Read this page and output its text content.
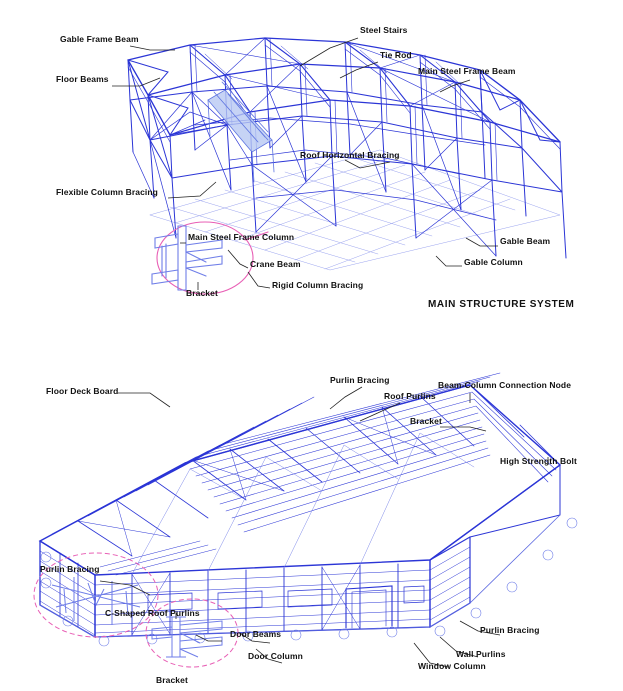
Gable Frame Beam
Floor Beams
Steel Stairs
Tie Rod
Main Steel Frame Beam
Roof Horizontal Bracing
Flexible Column Bracing
Main Steel Frame Column
Crane Beam
Rigid Column Bracing
Gable Beam
Gable Column
Bracket
MAIN STRUCTURE SYSTEM
Floor Deck Board
Purlin Bracing
Roof Purlins
Beam-Column Connection Node
Bracket
High Strength Bolt
Purlin Bracing
C-Shaped Roof Purlins
Door Beams
Door Column
Bracket
Window Column
Wall Purlins
Purlin Bracing
